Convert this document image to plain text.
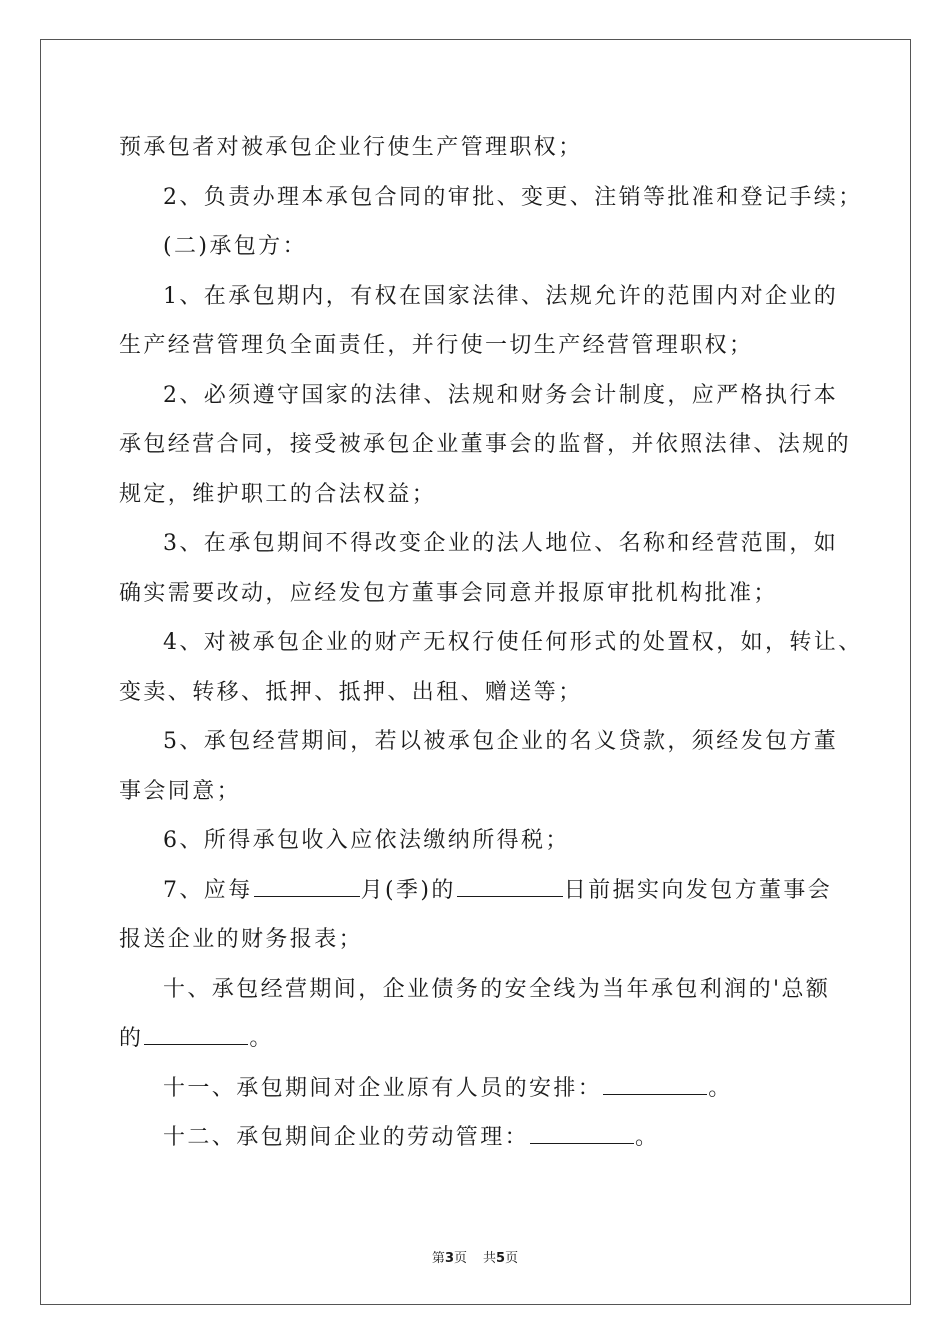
预承包者对被承包企业行使生产管理职权；
2、负责办理本承包合同的审批、变更、注销等批准和登记手续；
(二)承包方：
1、在承包期内，有权在国家法律、法规允许的范围内对企业的
生产经营管理负全面责任，并行使一切生产经营管理职权；
2、必须遵守国家的法律、法规和财务会计制度，应严格执行本
承包经营合同，接受被承包企业董事会的监督，并依照法律、法规的
规定，维护职工的合法权益；
3、在承包期间不得改变企业的法人地位、名称和经营范围，如
确实需要改动，应经发包方董事会同意并报原审批机构批准；
4、对被承包企业的财产无权行使任何形式的处置权，如，转让、
变卖、转移、抵押、抵押、出租、赠送等；
5、承包经营期间，若以被承包企业的名义贷款，须经发包方董
事会同意；
6、所得承包收入应依法缴纳所得税；
7、应每	月(季)的	日前据实向发包方董事会
报送企业的财务报表；
十、承包经营期间，企业债务的安全线为当年承包利润的'总额
的	。
十一、承包期间对企业原有人员的安排：	。
十二、承包期间企业的劳动管理：	。
第3页 共5页
